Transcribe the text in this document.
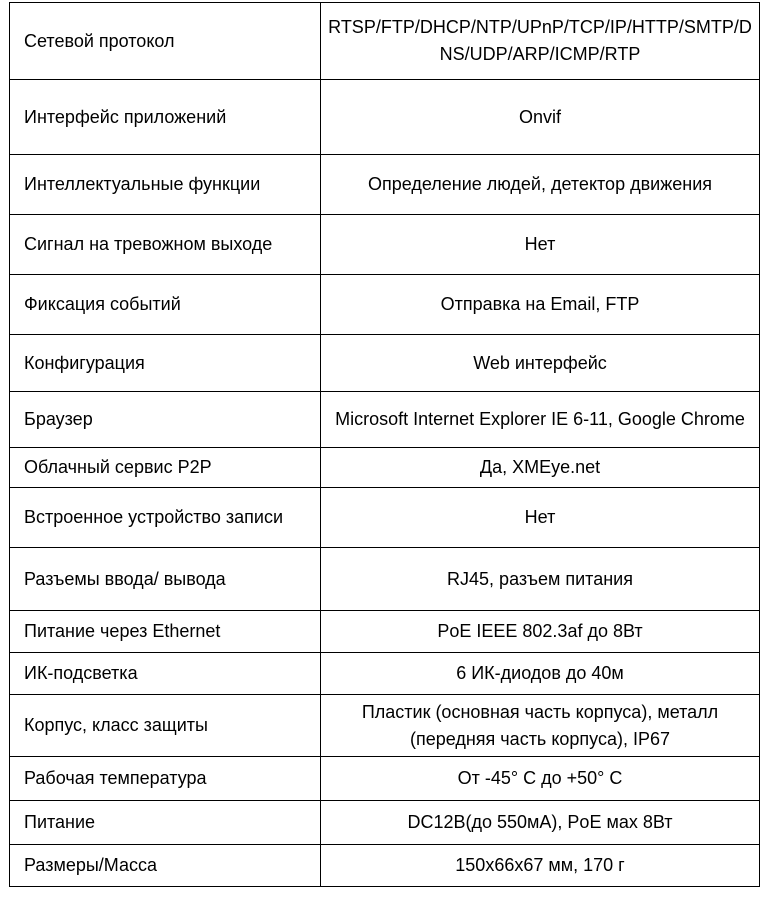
Сетевой протокол	RTSP/FTP/DHCP/NTP/UPnP/TCP/IP/HTTP/SMTP/DNS/UDP/ARP/ICMP/RTP
Интерфейс приложений	Onvif
Интеллектуальные функции	Определение людей, детектор движения
Сигнал на тревожном выходе	Нет
Фиксация событий	Отправка на Email, FTP
Конфигурация	Web интерфейс
Браузер	Microsoft Internet Explorer IE 6-11, Google Chrome
Облачный сервис P2P	Да, XMEye.net
Встроенное устройство записи	Нет
Разъемы ввода/ вывода	RJ45, разъем питания
Питание через Ethernet	PoE IEEE 802.3af до 8Вт
ИК-подсветка	6 ИК-диодов до 40м
Корпус, класс защиты	Пластик (основная часть корпуса), металл (передняя часть корпуса), IP67
Рабочая температура	От -45° C до +50° C
Питание	DC12В(до 550мА), PoE мах 8Вт
Размеры/Масса	150х66х67 мм, 170 г
